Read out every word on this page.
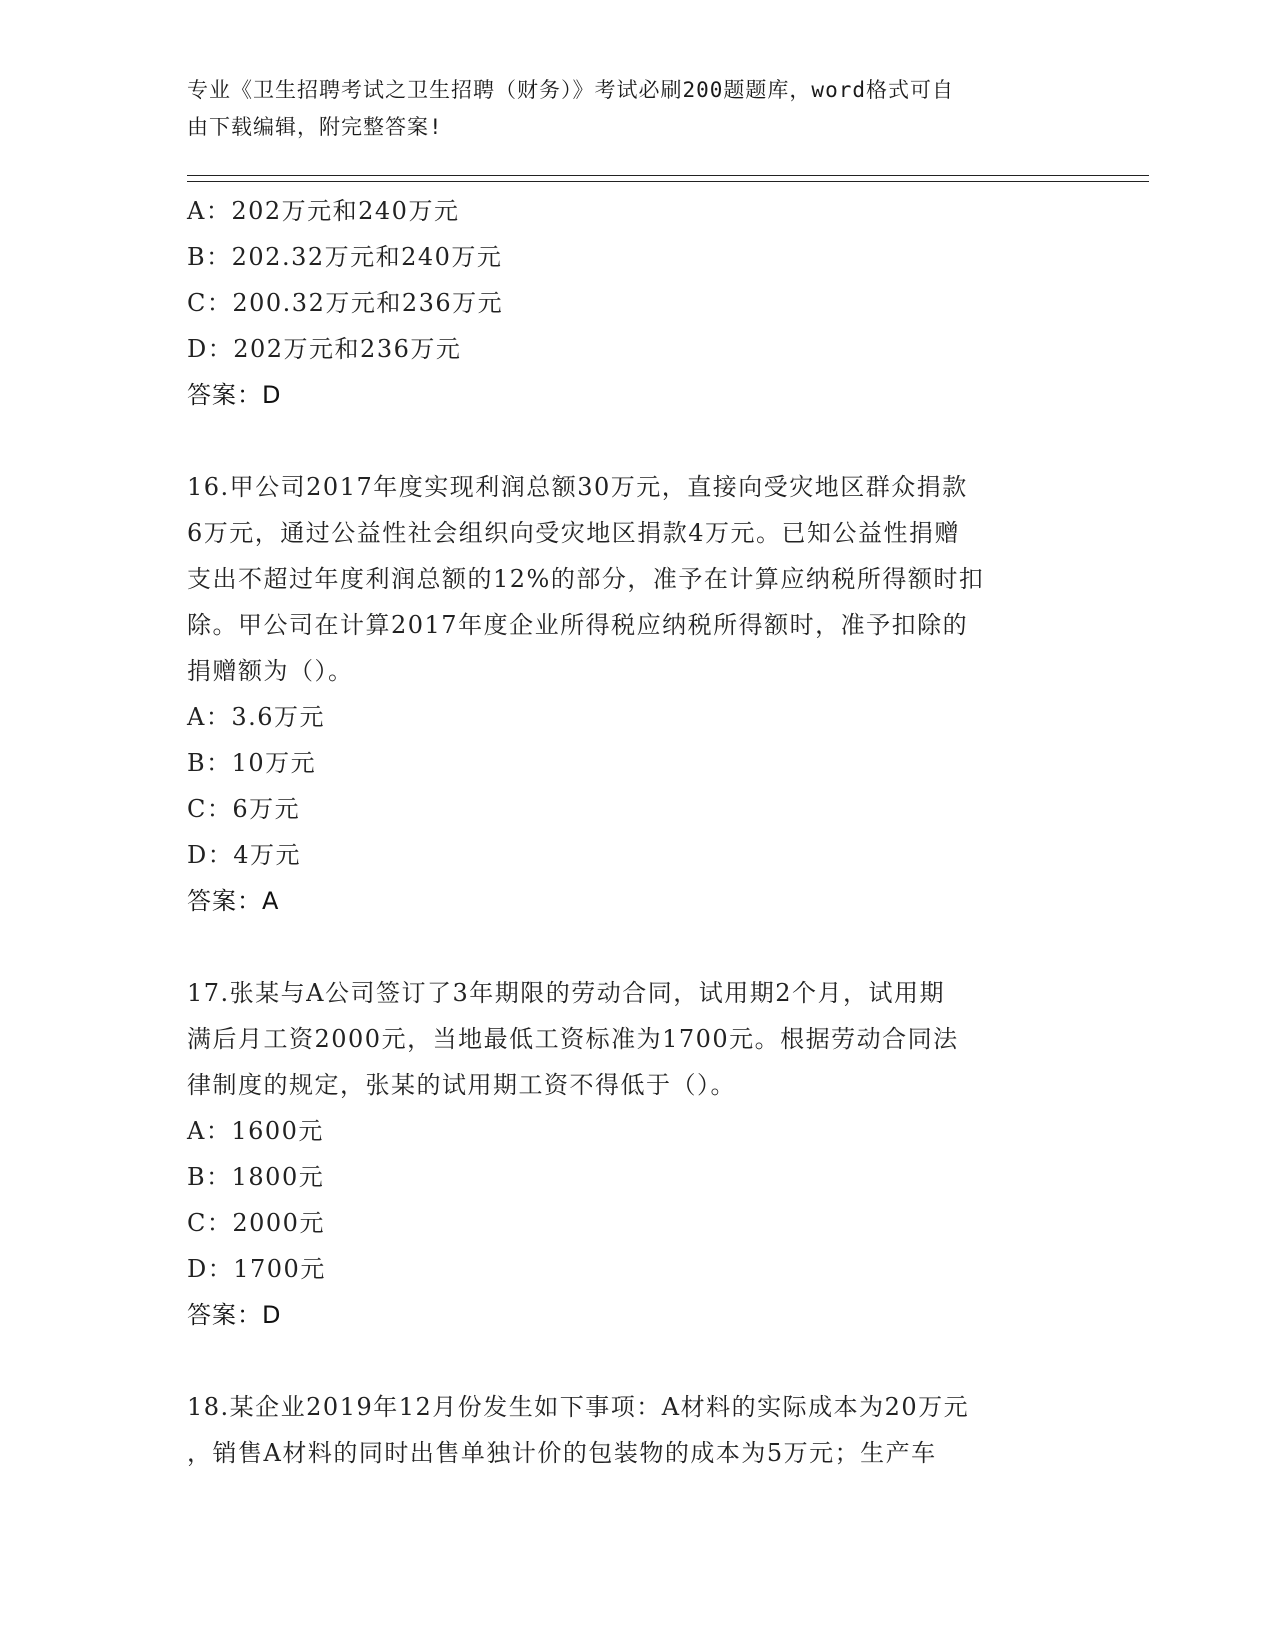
专业《卫生招聘考试之卫生招聘（财务）》考试必刷200题题库，word格式可自
由下载编辑，附完整答案!
A：202万元和240万元
B：202.32万元和240万元
C：200.32万元和236万元
D：202万元和236万元
答案：D
16.甲公司2017年度实现利润总额30万元，直接向受灾地区群众捐款
6万元，通过公益性社会组织向受灾地区捐款4万元。已知公益性捐赠
支出不超过年度利润总额的12%的部分，准予在计算应纳税所得额时扣
除。甲公司在计算2017年度企业所得税应纳税所得额时，准予扣除的
捐赠额为（）。
A：3.6万元
B：10万元
C：6万元
D：4万元
答案：A
17.张某与A公司签订了3年期限的劳动合同，试用期2个月，试用期
满后月工资2000元，当地最低工资标准为1700元。根据劳动合同法
律制度的规定，张某的试用期工资不得低于（）。
A：1600元
B：1800元
C：2000元
D：1700元
答案：D
18.某企业2019年12月份发生如下事项：A材料的实际成本为20万元
，销售A材料的同时出售单独计价的包装物的成本为5万元；生产车
